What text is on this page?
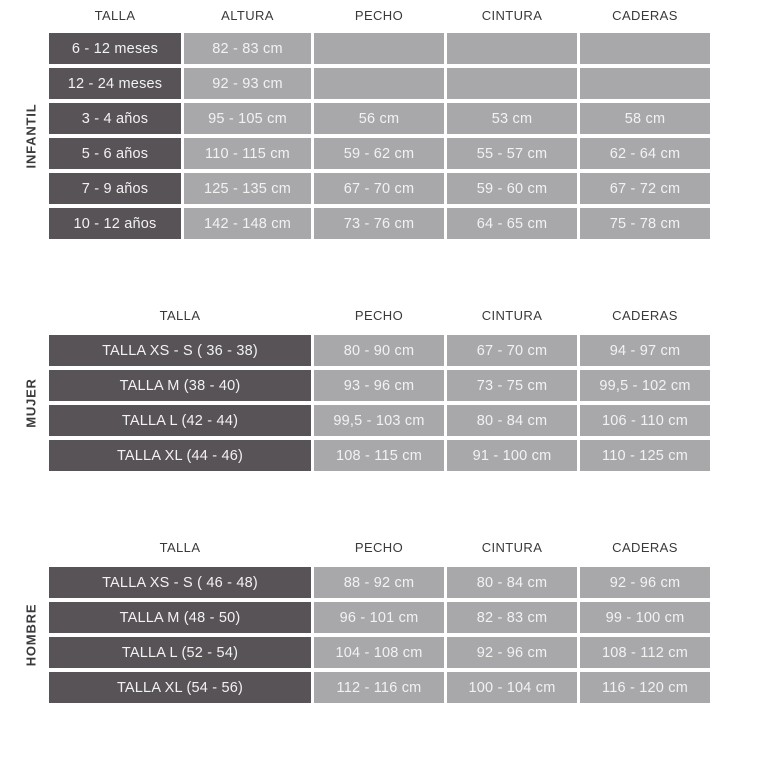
INFANTIL
TALLA	ALTURA	PECHO	CINTURA	CADERAS
6 - 12 meses	82 - 83 cm
12 - 24 meses	92 - 93 cm
3 - 4 años	95 - 105 cm	56 cm	53 cm	58 cm
5 - 6 años	110 - 115 cm	59 - 62 cm	55 - 57 cm	62 - 64 cm
7 - 9 años	125 - 135 cm	67 - 70 cm	59 - 60 cm	67 - 72 cm
10 - 12 años	142 - 148 cm	73 - 76 cm	64 - 65 cm	75 - 78 cm
MUJER
TALLA	PECHO	CINTURA	CADERAS
TALLA XS - S ( 36 - 38)	80 - 90 cm	67 - 70 cm	94 - 97 cm
TALLA M (38 - 40)	93 - 96 cm	73 - 75 cm	99,5 - 102 cm
TALLA L (42 - 44)	99,5 - 103 cm	80 - 84 cm	106 - 110 cm
TALLA XL (44 - 46)	108 - 115 cm	91 - 100 cm	110 - 125 cm
HOMBRE
TALLA	PECHO	CINTURA	CADERAS
TALLA XS - S ( 46 - 48)	88 - 92 cm	80 - 84 cm	92 - 96 cm
TALLA M (48 - 50)	96 - 101 cm	82 - 83 cm	99 - 100 cm
TALLA L (52 - 54)	104 - 108 cm	92 - 96 cm	108 - 112 cm
TALLA XL (54 - 56)	112 - 116 cm	100 - 104 cm	116 - 120 cm
